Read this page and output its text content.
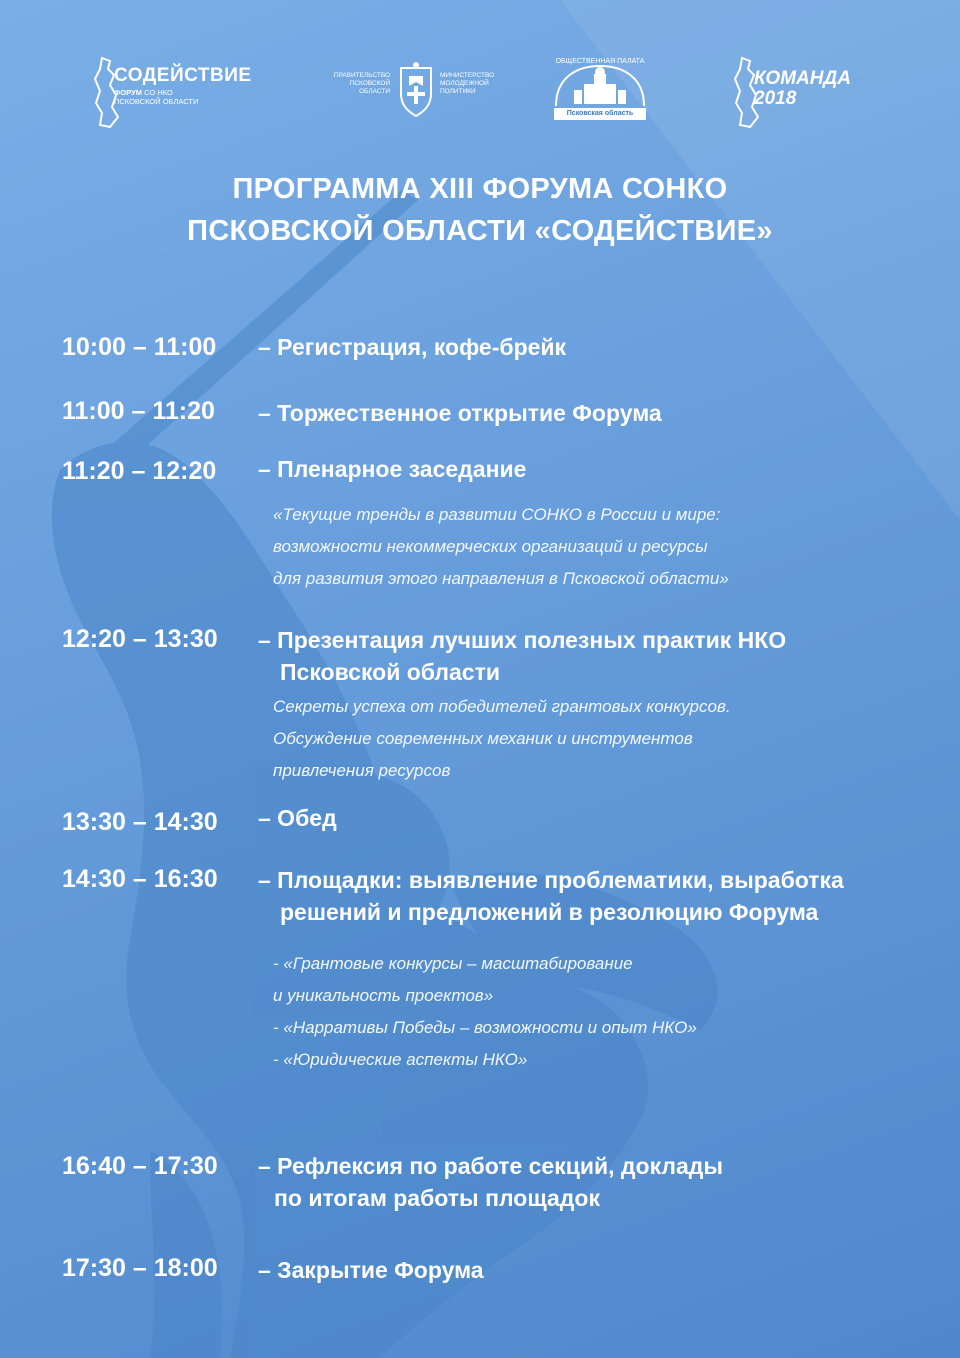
СОДЕЙСТВИЕ
ФОРУМ СО НКО
ПСКОВСКОЙ ОБЛАСТИ
ПРАВИТЕЛЬСТВО
ПСКОВСКОЙ
ОБЛАСТИ
МИНИСТЕРСТВО
МОЛОДЕЖНОЙ
ПОЛИТИКИ
ОБЩЕСТВЕННАЯ ПАЛАТА
Псковская область
КОМАНДА
2018
ПРОГРАММА XIII ФОРУМА СОНКО
ПСКОВСКОЙ ОБЛАСТИ «СОДЕЙСТВИЕ»
10:00 – 11:00 – Регистрация, кофе-брейк
11:00 – 11:20 – Торжественное открытие Форума
11:20 – 12:20 – Пленарное заседание
«Текущие тренды в развитии СОНКО в России и мире:
возможности некоммерческих организаций и ресурсы
для развития этого направления в Псковской области»
12:20 – 13:30 – Презентация лучших полезных практик НКО
Псковской области
Секреты успеха от победителей грантовых конкурсов.
Обсуждение современных механик и инструментов
привлечения ресурсов
13:30 – 14:30 – Обед
14:30 – 16:30 – Площадки: выявление проблематики, выработка
решений и предложений в резолюцию Форума
- «Грантовые конкурсы – масштабирование
и уникальность проектов»
- «Нарративы Победы – возможности и опыт НКО»
- «Юридические аспекты НКО»
16:40 – 17:30 – Рефлексия по работе секций, доклады
по итогам работы площадок
17:30 – 18:00 – Закрытие Форума
